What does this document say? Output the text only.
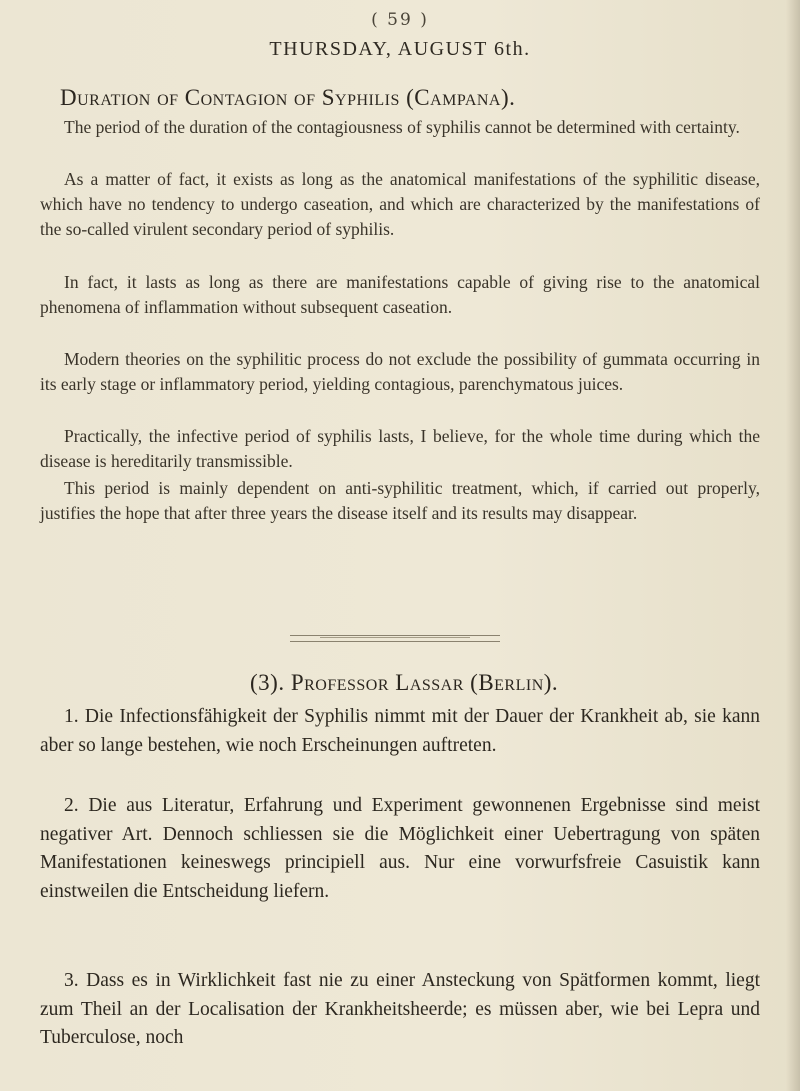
( 59 )
THURSDAY, AUGUST 6th.
Duration of Contagion of Syphilis (Campana).
The period of the duration of the contagiousness of syphilis cannot be determined with certainty.
As a matter of fact, it exists as long as the anatomical manifestations of the syphilitic disease, which have no tendency to undergo caseation, and which are characterized by the manifestations of the so-called virulent secondary period of syphilis.
In fact, it lasts as long as there are manifestations capable of giving rise to the anatomical phenomena of inflammation without subsequent caseation.
Modern theories on the syphilitic process do not exclude the possibility of gummata occurring in its early stage or inflammatory period, yielding contagious, parenchymatous juices.
Practically, the infective period of syphilis lasts, I believe, for the whole time during which the disease is hereditarily transmissible.
This period is mainly dependent on anti-syphilitic treatment, which, if carried out properly, justifies the hope that after three years the disease itself and its results may disappear.
(3). Professor Lassar (Berlin).
1. Die Infectionsfähigkeit der Syphilis nimmt mit der Dauer der Krankheit ab, sie kann aber so lange bestehen, wie noch Erscheinungen auftreten.
2. Die aus Literatur, Erfahrung und Experiment gewonnenen Ergebnisse sind meist negativer Art. Dennoch schliessen sie die Möglichkeit einer Uebertragung von späten Manifestationen keineswegs principiell aus. Nur eine vorwurfsfreie Casuistik kann einstweilen die Entscheidung liefern.
3. Dass es in Wirklichkeit fast nie zu einer Ansteckung von Spätformen kommt, liegt zum Theil an der Localisation der Krankheitsheerde; es müssen aber, wie bei Lepra und Tuberculose, noch
